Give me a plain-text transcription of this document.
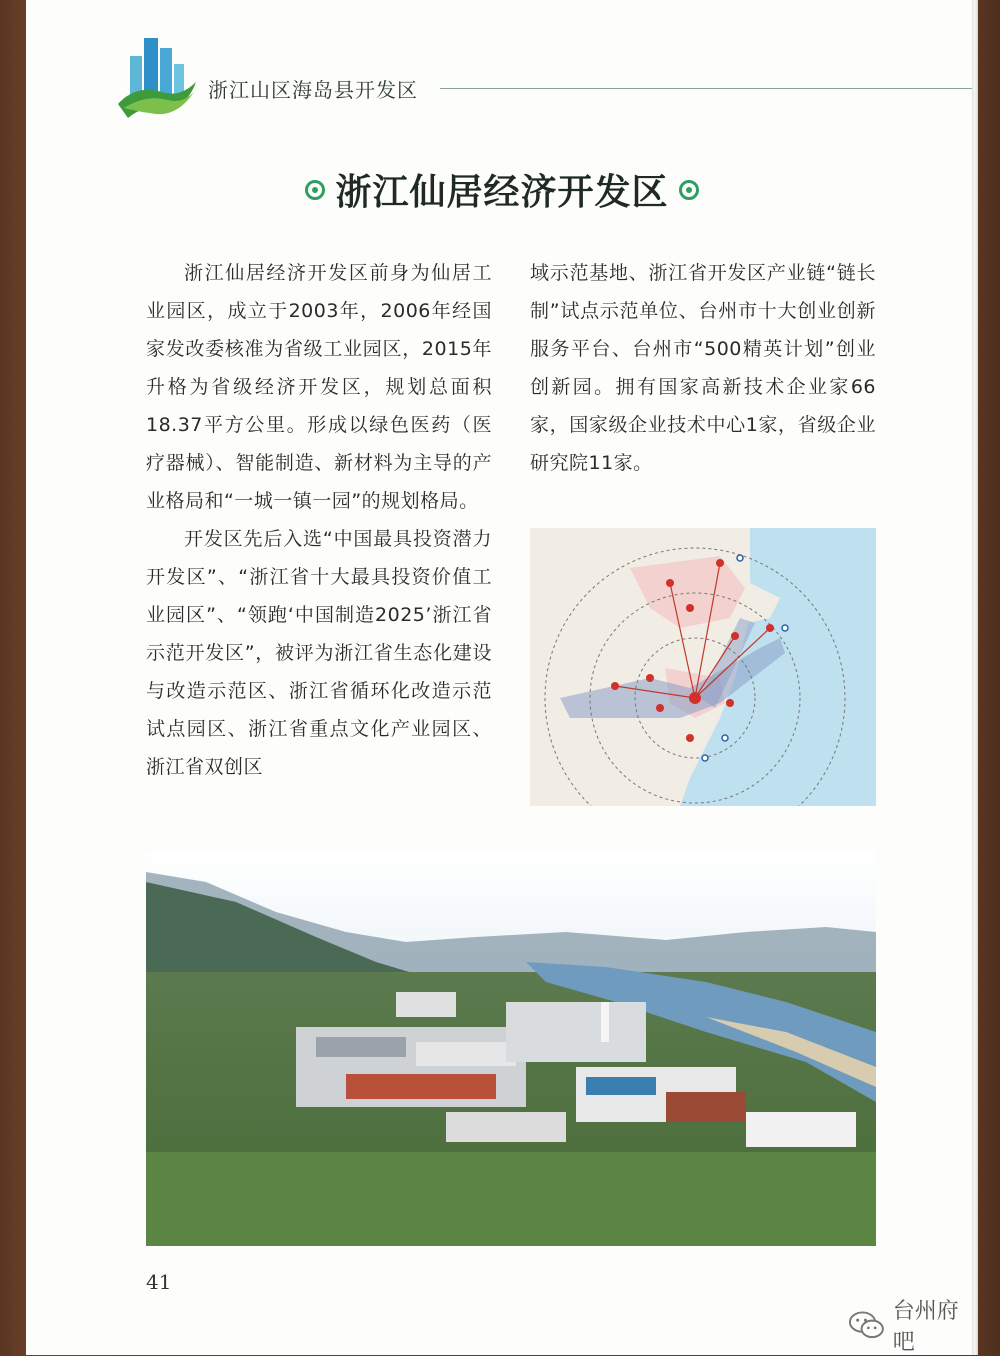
浙江山区海岛县开发区
浙江仙居经济开发区

浙江仙居经济开发区前身为仙居工业园区，成立于2003年，2006年经国家发改委核准为省级工业园区，2015年升格为省级经济开发区，规划总面积18.37平方公里。形成以绿色医药（医疗器械）、智能制造、新材料为主导的产业格局和“一城一镇一园”的规划格局。

开发区先后入选“中国最具投资潜力开发区”、“浙江省十大最具投资价值工业园区”、“领跑‘中国制造2025’浙江省示范开发区”，被评为浙江省生态化建设与改造示范区、浙江省循环化改造示范试点园区、浙江省重点文化产业园区、浙江省双创区

域示范基地、浙江省开发区产业链“链长制”试点示范单位、台州市十大创业创新服务平台、台州市“500精英计划”创业创新园。拥有国家高新技术企业家66家，国家级企业技术中心1家，省级企业研究院11家。

41
台州府吧
